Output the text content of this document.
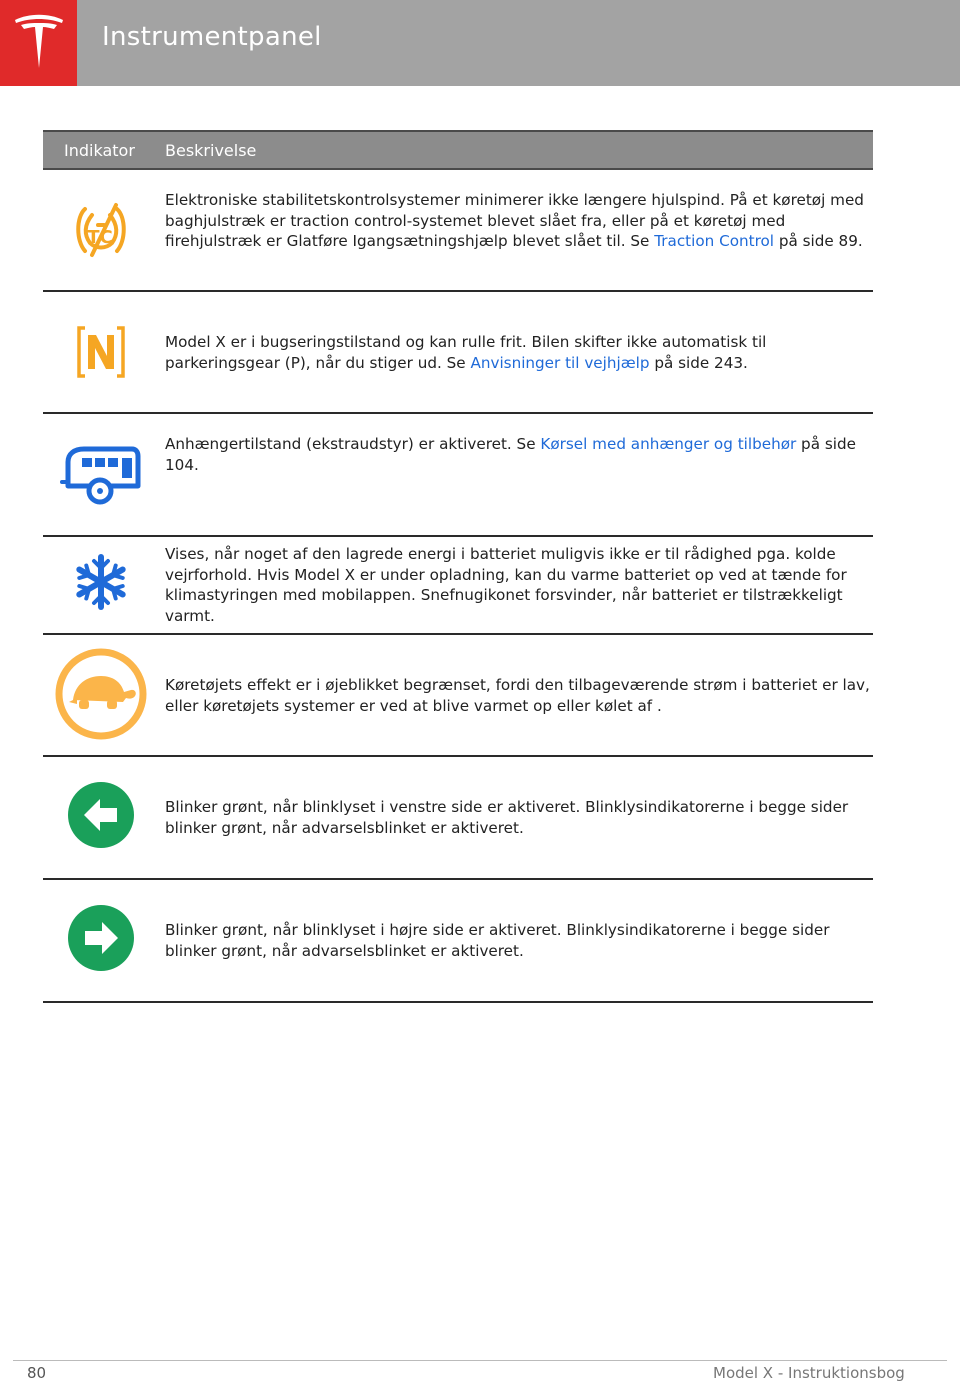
Instrumentpanel
Indikator Beskrivelse
TC
Elektroniske stabilitetskontrolsystemer minimerer ikke længere hjulspind. På et køretøj med baghjulstræk er traction control-systemet blevet slået fra, eller på et køretøj med firehjulstræk er Glatføre Igangsætningshjælp blevet slået til. Se Traction Control på side 89.
Model X er i bugseringstilstand og kan rulle frit. Bilen skifter ikke automatisk til parkeringsgear (P), når du stiger ud. Se Anvisninger til vejhjælp på side 243.
Anhængertilstand (ekstraudstyr) er aktiveret. Se Kørsel med anhænger og tilbehør på side 104.
Vises, når noget af den lagrede energi i batteriet muligvis ikke er til rådighed pga. kolde vejrforhold. Hvis Model X er under opladning, kan du varme batteriet op ved at tænde for klimastyringen med mobilappen. Snefnugikonet forsvinder, når batteriet er tilstrækkeligt varmt.
Køretøjets effekt er i øjeblikket begrænset, fordi den tilbageværende strøm i batteriet er lav, eller køretøjets systemer er ved at blive varmet op eller kølet af .
Blinker grønt, når blinklyset i venstre side er aktiveret. Blinklysindikatorerne i begge sider blinker grønt, når advarselsblinket er aktiveret.
Blinker grønt, når blinklyset i højre side er aktiveret. Blinklysindikatorerne i begge sider blinker grønt, når advarselsblinket er aktiveret.
80	Model X - Instruktionsbog
